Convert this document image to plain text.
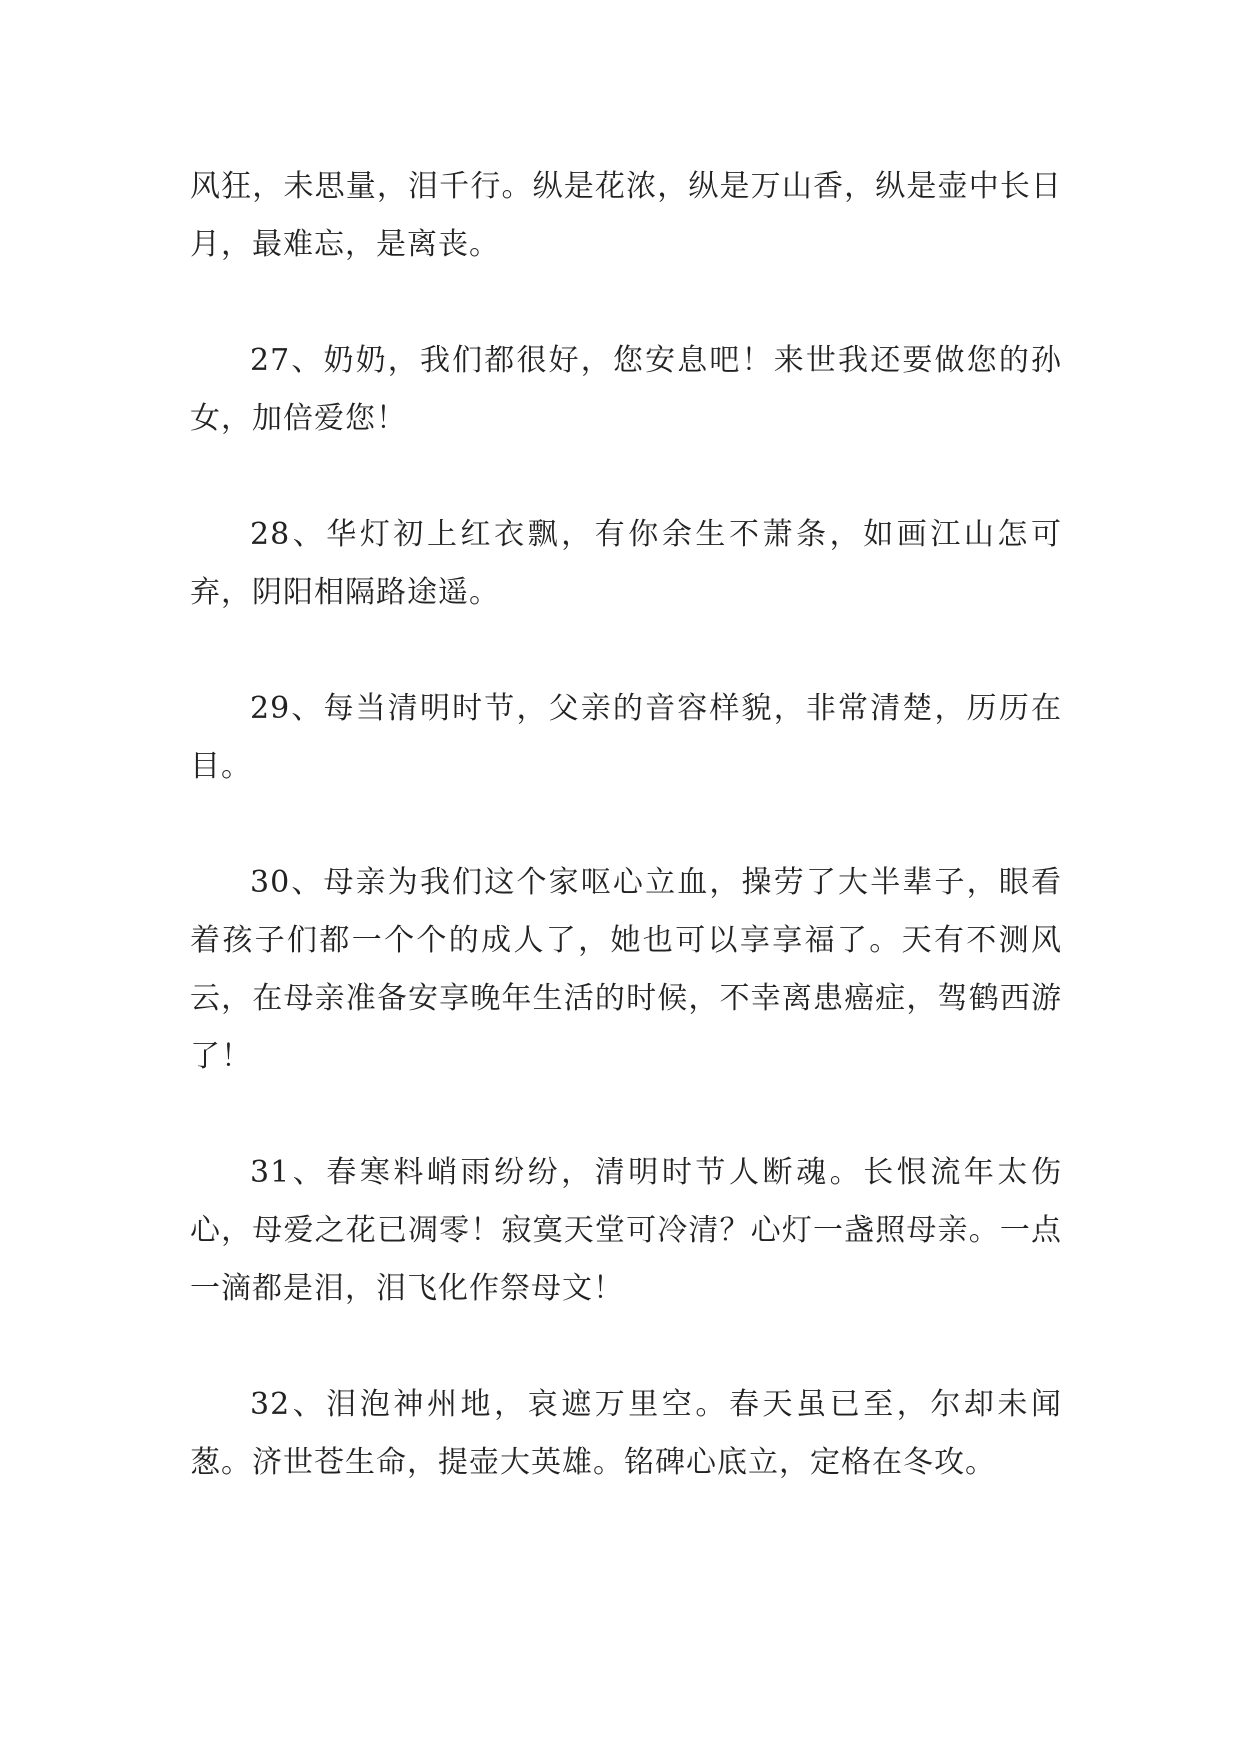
风狂，未思量，泪千行。纵是花浓，纵是万山香，纵是壶中长日月，最难忘，是离丧。

27、奶奶，我们都很好，您安息吧！来世我还要做您的孙女，加倍爱您！

28、华灯初上红衣飘，有你余生不萧条，如画江山怎可弃，阴阳相隔路途遥。

29、每当清明时节，父亲的音容样貌，非常清楚，历历在目。

30、母亲为我们这个家呕心立血，操劳了大半辈子，眼看着孩子们都一个个的成人了，她也可以享享福了。天有不测风云，在母亲准备安享晚年生活的时候，不幸离患癌症，驾鹤西游了！

31、春寒料峭雨纷纷，清明时节人断魂。长恨流年太伤心，母爱之花已凋零！寂寞天堂可冷清？心灯一盏照母亲。一点一滴都是泪，泪飞化作祭母文！

32、泪泡神州地，哀遮万里空。春天虽已至，尔却未闻葱。济世苍生命，提壶大英雄。铭碑心底立，定格在冬攻。
